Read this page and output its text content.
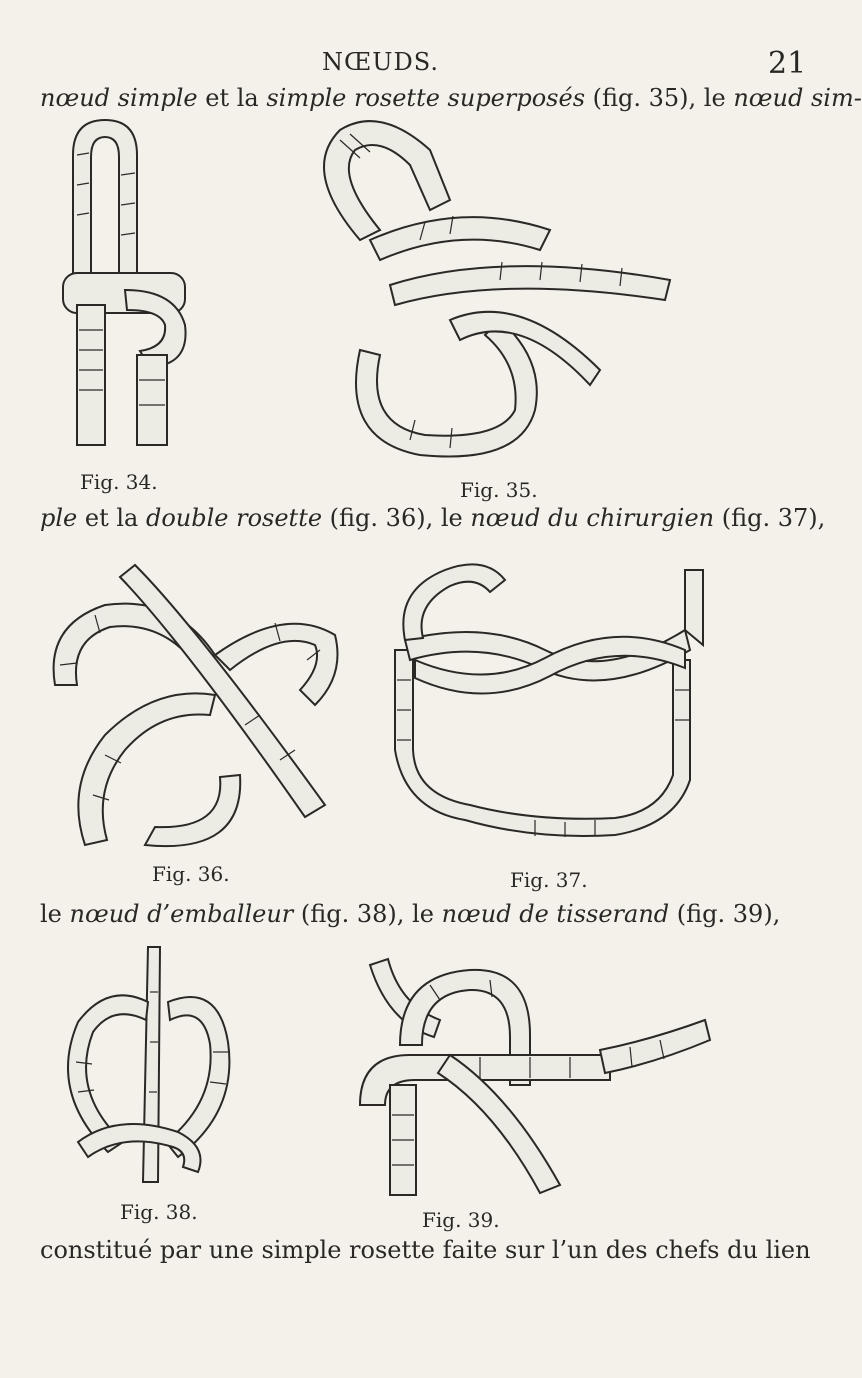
NŒUDS.	21
nœud simple et la simple rosette superposés (fig. 35), le nœud sim-
Fig. 34.	Fig. 35.
ple et la double rosette (fig. 36), le nœud du chirurgien (fig. 37),
Fig. 36.	Fig. 37.
le nœud d’emballeur (fig. 38), le nœud de tisserand (fig. 39),
Fig. 38.	Fig. 39.
constitué par une simple rosette faite sur l’un des chefs du lien
